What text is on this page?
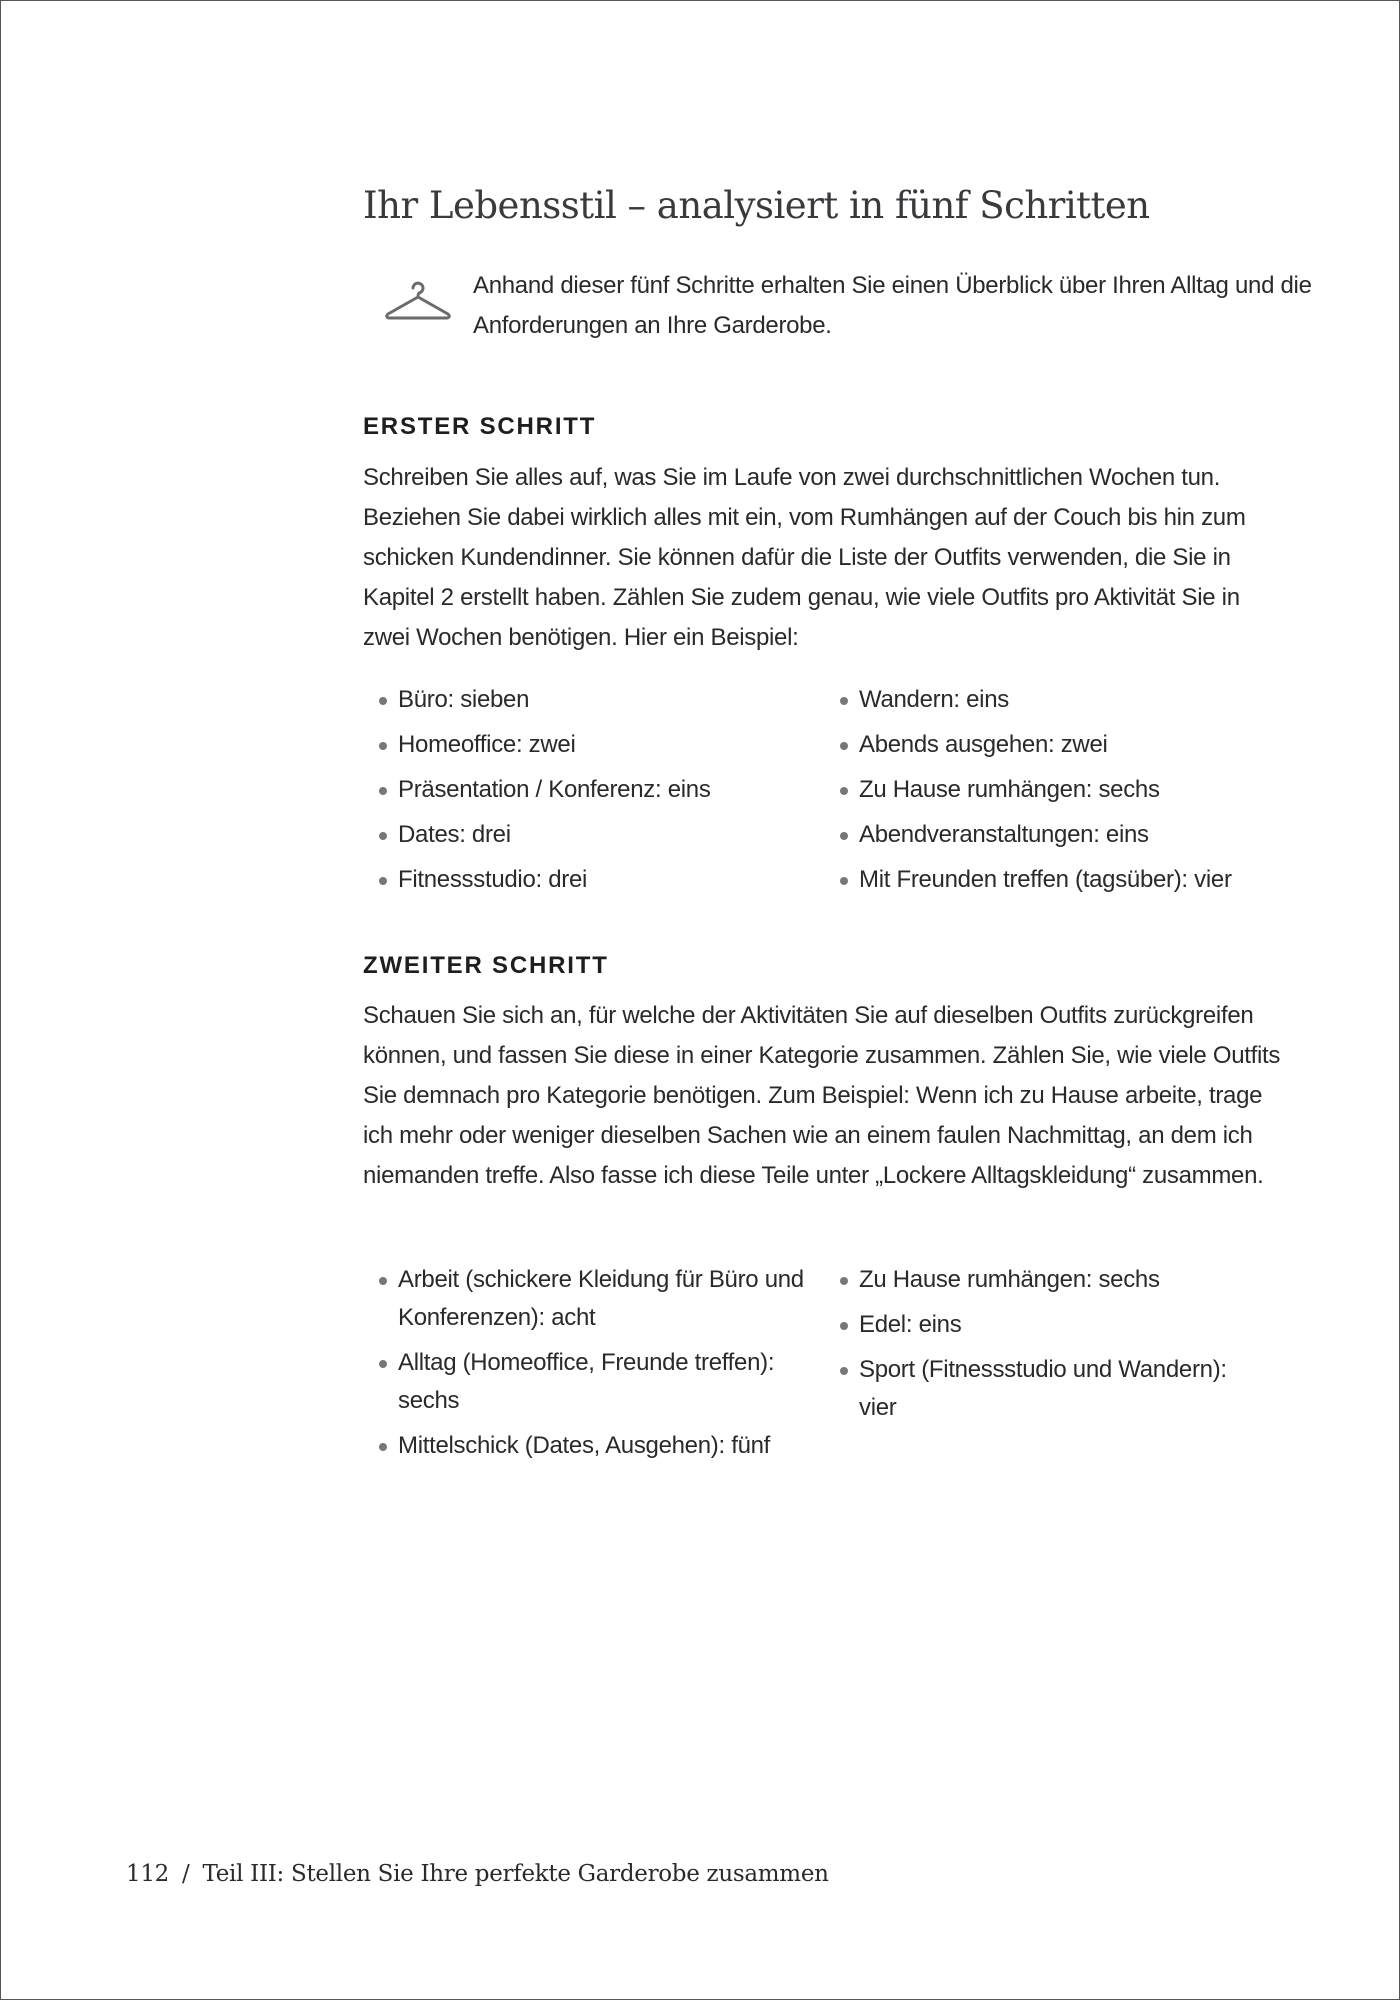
Ihr Lebensstil – analysiert in fünf Schritten
Anhand dieser fünf Schritte erhalten Sie einen Überblick über Ihren Alltag und die Anforderungen an Ihre Garderobe.
ERSTER SCHRITT
Schreiben Sie alles auf, was Sie im Laufe von zwei durchschnittlichen Wochen tun. Beziehen Sie dabei wirklich alles mit ein, vom Rumhängen auf der Couch bis hin zum schicken Kundendinner. Sie können dafür die Liste der Outfits verwenden, die Sie in Kapitel 2 erstellt haben. Zählen Sie zudem genau, wie viele Outfits pro Aktivität Sie in zwei Wochen benötigen. Hier ein Beispiel:
Büro: sieben
Homeoffice: zwei
Präsentation / Konferenz: eins
Dates: drei
Fitnessstudio: drei
Wandern: eins
Abends ausgehen: zwei
Zu Hause rumhängen: sechs
Abendveranstaltungen: eins
Mit Freunden treffen (tagsüber): vier
ZWEITER SCHRITT
Schauen Sie sich an, für welche der Aktivitäten Sie auf dieselben Outfits zurückgreifen können, und fassen Sie diese in einer Kategorie zusammen. Zählen Sie, wie viele Outfits Sie demnach pro Kategorie benötigen. Zum Beispiel: Wenn ich zu Hause arbeite, trage ich mehr oder weniger dieselben Sachen wie an einem faulen Nachmittag, an dem ich niemanden treffe. Also fasse ich diese Teile unter „Lockere Alltagskleidung“ zusammen.
Arbeit (schickere Kleidung für Büro und Konferenzen): acht
Alltag (Homeoffice, Freunde treffen): sechs
Mittelschick (Dates, Ausgehen): fünf
Zu Hause rumhängen: sechs
Edel: eins
Sport (Fitnessstudio und Wandern): vier
112 / Teil III: Stellen Sie Ihre perfekte Garderobe zusammen
